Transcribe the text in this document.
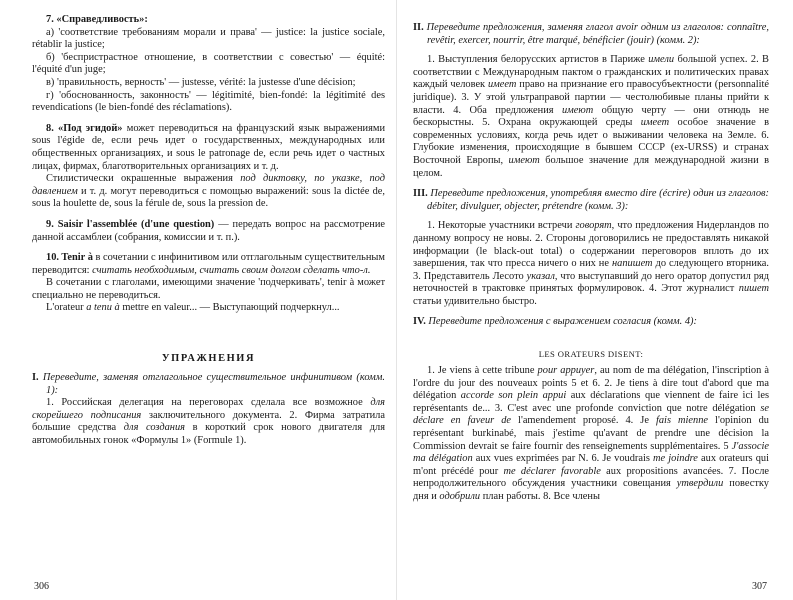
7. «Справедливость»:

а) 'соответствие требованиям морали и права' — justice: la justice sociale, rétablir la justice;

б) 'беспристрастное отношение, в соответствии с совестью' — équité: l'équité d'un juge;

в) 'правильность, верность' — justesse, vérité: la justesse d'une décision;

г) 'обоснованность, законность' — légitimité, bien-fondé: la légitimité des revendications (le bien-fondé des réclamations).

8. «Под эгидой» может переводиться на французский язык выражениями sous l'égide de, если речь идет о государственных, международных или общественных организациях, и sous le patronage de, если речь идет о частных лицах, фирмах, благотворительных организациях и т. д.

Стилистически окрашенные выражения под диктовку, по указке, под давлением и т. д. могут переводиться с помощью выражений: sous la dictée de, sous la houlette de, sous la férule de, sous la pression de.

9. Saisir l'assemblée (d'une question) — передать вопрос на рассмотрение данной ассамблеи (собрания, комиссии и т. п.).

10. Tenir à в сочетании с инфинитивом или отглагольным существительным переводится: считать необходимым, считать своим долгом сделать что-л.

В сочетании с глаголами, имеющими значение 'подчеркивать', tenir à может специально не переводиться.

L'orateur a tenu à mettre en valeur... — Выступающий подчеркнул...

УПРАЖНЕНИЯ

I. Переведите, заменяя отглагольное существительное инфинитивом (комм. 1):

1. Российская делегация на переговорах сделала все возможное для скорейшего подписания заключительного документа. 2. Фирма затратила большие средства для создания в короткий срок нового двигателя для автомобильных гонок «Формулы 1» (Formule 1).

306

II. Переведите предложения, заменяя глагол avoir одним из глаголов: connaître, revêtir, exercer, nourrir, être marqué, bénéficier (jouir) (комм. 2):

1. Выступления белорусских артистов в Париже имели большой успех. 2. В соответствии с Международным пактом о гражданских и политических правах каждый человек имеет право на признание его правосубъектности (personnalité juridique). 3. У этой ультраправой партии — честолюбивые планы прийти к власти. 4. Оба предложения имеют общую черту — они отнюдь не бескорыстны. 5. Охрана окружающей среды имеет особое значение в современных условиях, когда речь идет о выживании человека на Земле. 6. Глубокие изменения, происходящие в бывшем СССР (ex-URSS) и странах Восточной Европы, имеют большое значение для международной жизни в целом.

III. Переведите предложения, употребляя вместо dire (écrire) один из глаголов: débiter, divulguer, objecter, prétendre (комм. 3):

1. Некоторые участники встречи говорят, что предложения Нидерландов по данному вопросу не новы. 2. Стороны договорились не предоставлять никакой информации (le black-out total) о содержании переговоров вплоть до их завершения, так что пресса ничего о них не напишет до следующего вторника. 3. Представитель Лесото указал, что выступавший до него оратор допустил ряд неточностей в трактовке принятых формулировок. 4. Этот журналист пишет статьи удивительно быстро.

IV. Переведите предложения с выражением согласия (комм. 4):

LES ORATEURS DISENT:

1. Je viens à cette tribune pour appuyer, au nom de ma délégation, l'inscription à l'ordre du jour des nouveaux points 5 et 6. 2. Je tiens à dire tout d'abord que ma délégation accorde son plein appui aux déclarations que viennent de faire ici les représentants de... 3. C'est avec une profonde conviction que notre délégation se déclare en faveur de l'amendement proposé. 4. Je fais mienne l'opinion du représentant burkinabé, mais j'estime qu'avant de prendre une décision la Commission devrait se faire fournir des renseignements supplémentaires. 5 J'associe ma délégation aux vues exprimées par N. 6. Je voudrais me joindre aux orateurs qui m'ont précédé pour me déclarer favorable aux propositions avancées. 7. После непродолжительного обсуждения участники совещания утвердили повестку дня и одобрили план работы. 8. Все члены

307
